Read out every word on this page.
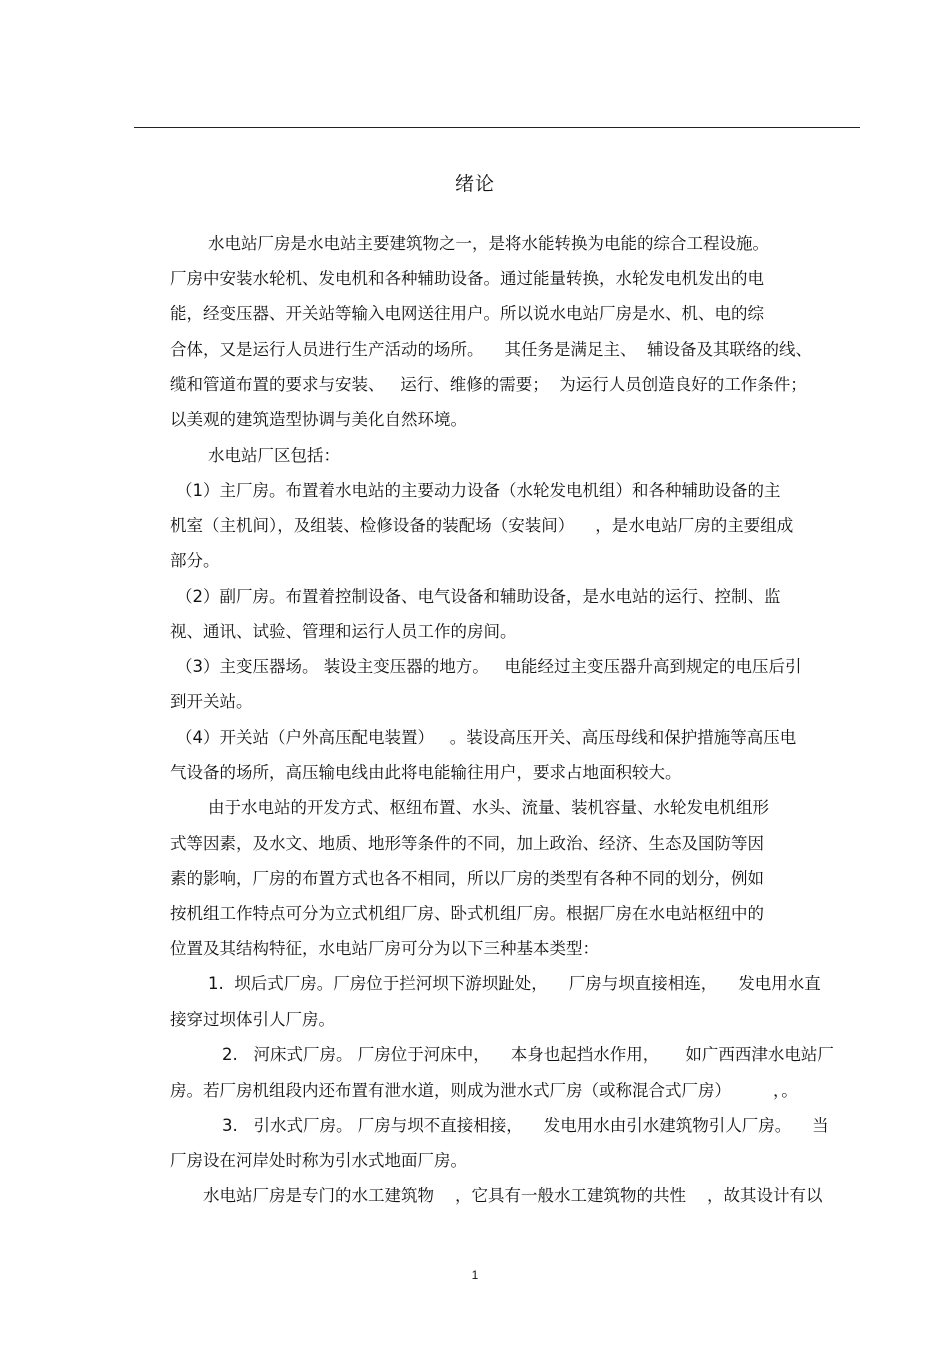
绪论
水电站厂房是水电站主要建筑物之一，是将水能转换为电能的综合工程设施。
厂房中安装水轮机、发电机和各种辅助设备。通过能量转换，水轮发电机发出的电
能，经变压器、开关站等输入电网送往用户。所以说水电站厂房是水、机、电的综
合体，又是运行人员进行生产活动的场所。    其任务是满足主、  辅设备及其联络的线、
缆和管道布置的要求与安装、   运行、维修的需要；  为运行人员创造良好的工作条件；
以美观的建筑造型协调与美化自然环境。
水电站厂区包括：
（1）主厂房。布置着水电站的主要动力设备（水轮发电机组）和各种辅助设备的主
机室（主机间），及组装、检修设备的装配场（安装间）    ，是水电站厂房的主要组成
部分。
（2）副厂房。布置着控制设备、电气设备和辅助设备，是水电站的运行、控制、监
视、通讯、试验、管理和运行人员工作的房间。
（3）主变压器场。 装设主变压器的地方。   电能经过主变压器升高到规定的电压后引
到开关站。
（4）开关站（户外高压配电装置）   。装设高压开关、高压母线和保护措施等高压电
气设备的场所，高压输电线由此将电能输往用户，要求占地面积较大。
由于水电站的开发方式、枢纽布置、水头、流量、装机容量、水轮发电机组形
式等因素，及水文、地质、地形等条件的不同，加上政治、经济、生态及国防等因
素的影响，厂房的布置方式也各不相同，所以厂房的类型有各种不同的划分，例如
按机组工作特点可分为立式机组厂房、卧式机组厂房。根据厂房在水电站枢纽中的
位置及其结构特征，水电站厂房可分为以下三种基本类型：
1.  坝后式厂房。厂房位于拦河坝下游坝趾处，    厂房与坝直接相连，    发电用水直
接穿过坝体引人厂房。
2.   河床式厂房。 厂房位于河床中，    本身也起挡水作用，     如广西西津水电站厂
房。若厂房机组段内还布置有泄水道，则成为泄水式厂房（或称混合式厂房）        ，。
3.   引水式厂房。 厂房与坝不直接相接，    发电用水由引水建筑物引人厂房。    当
厂房设在河岸处时称为引水式地面厂房。
水电站厂房是专门的水工建筑物    ，它具有一般水工建筑物的共性    ，故其设计有以
1
